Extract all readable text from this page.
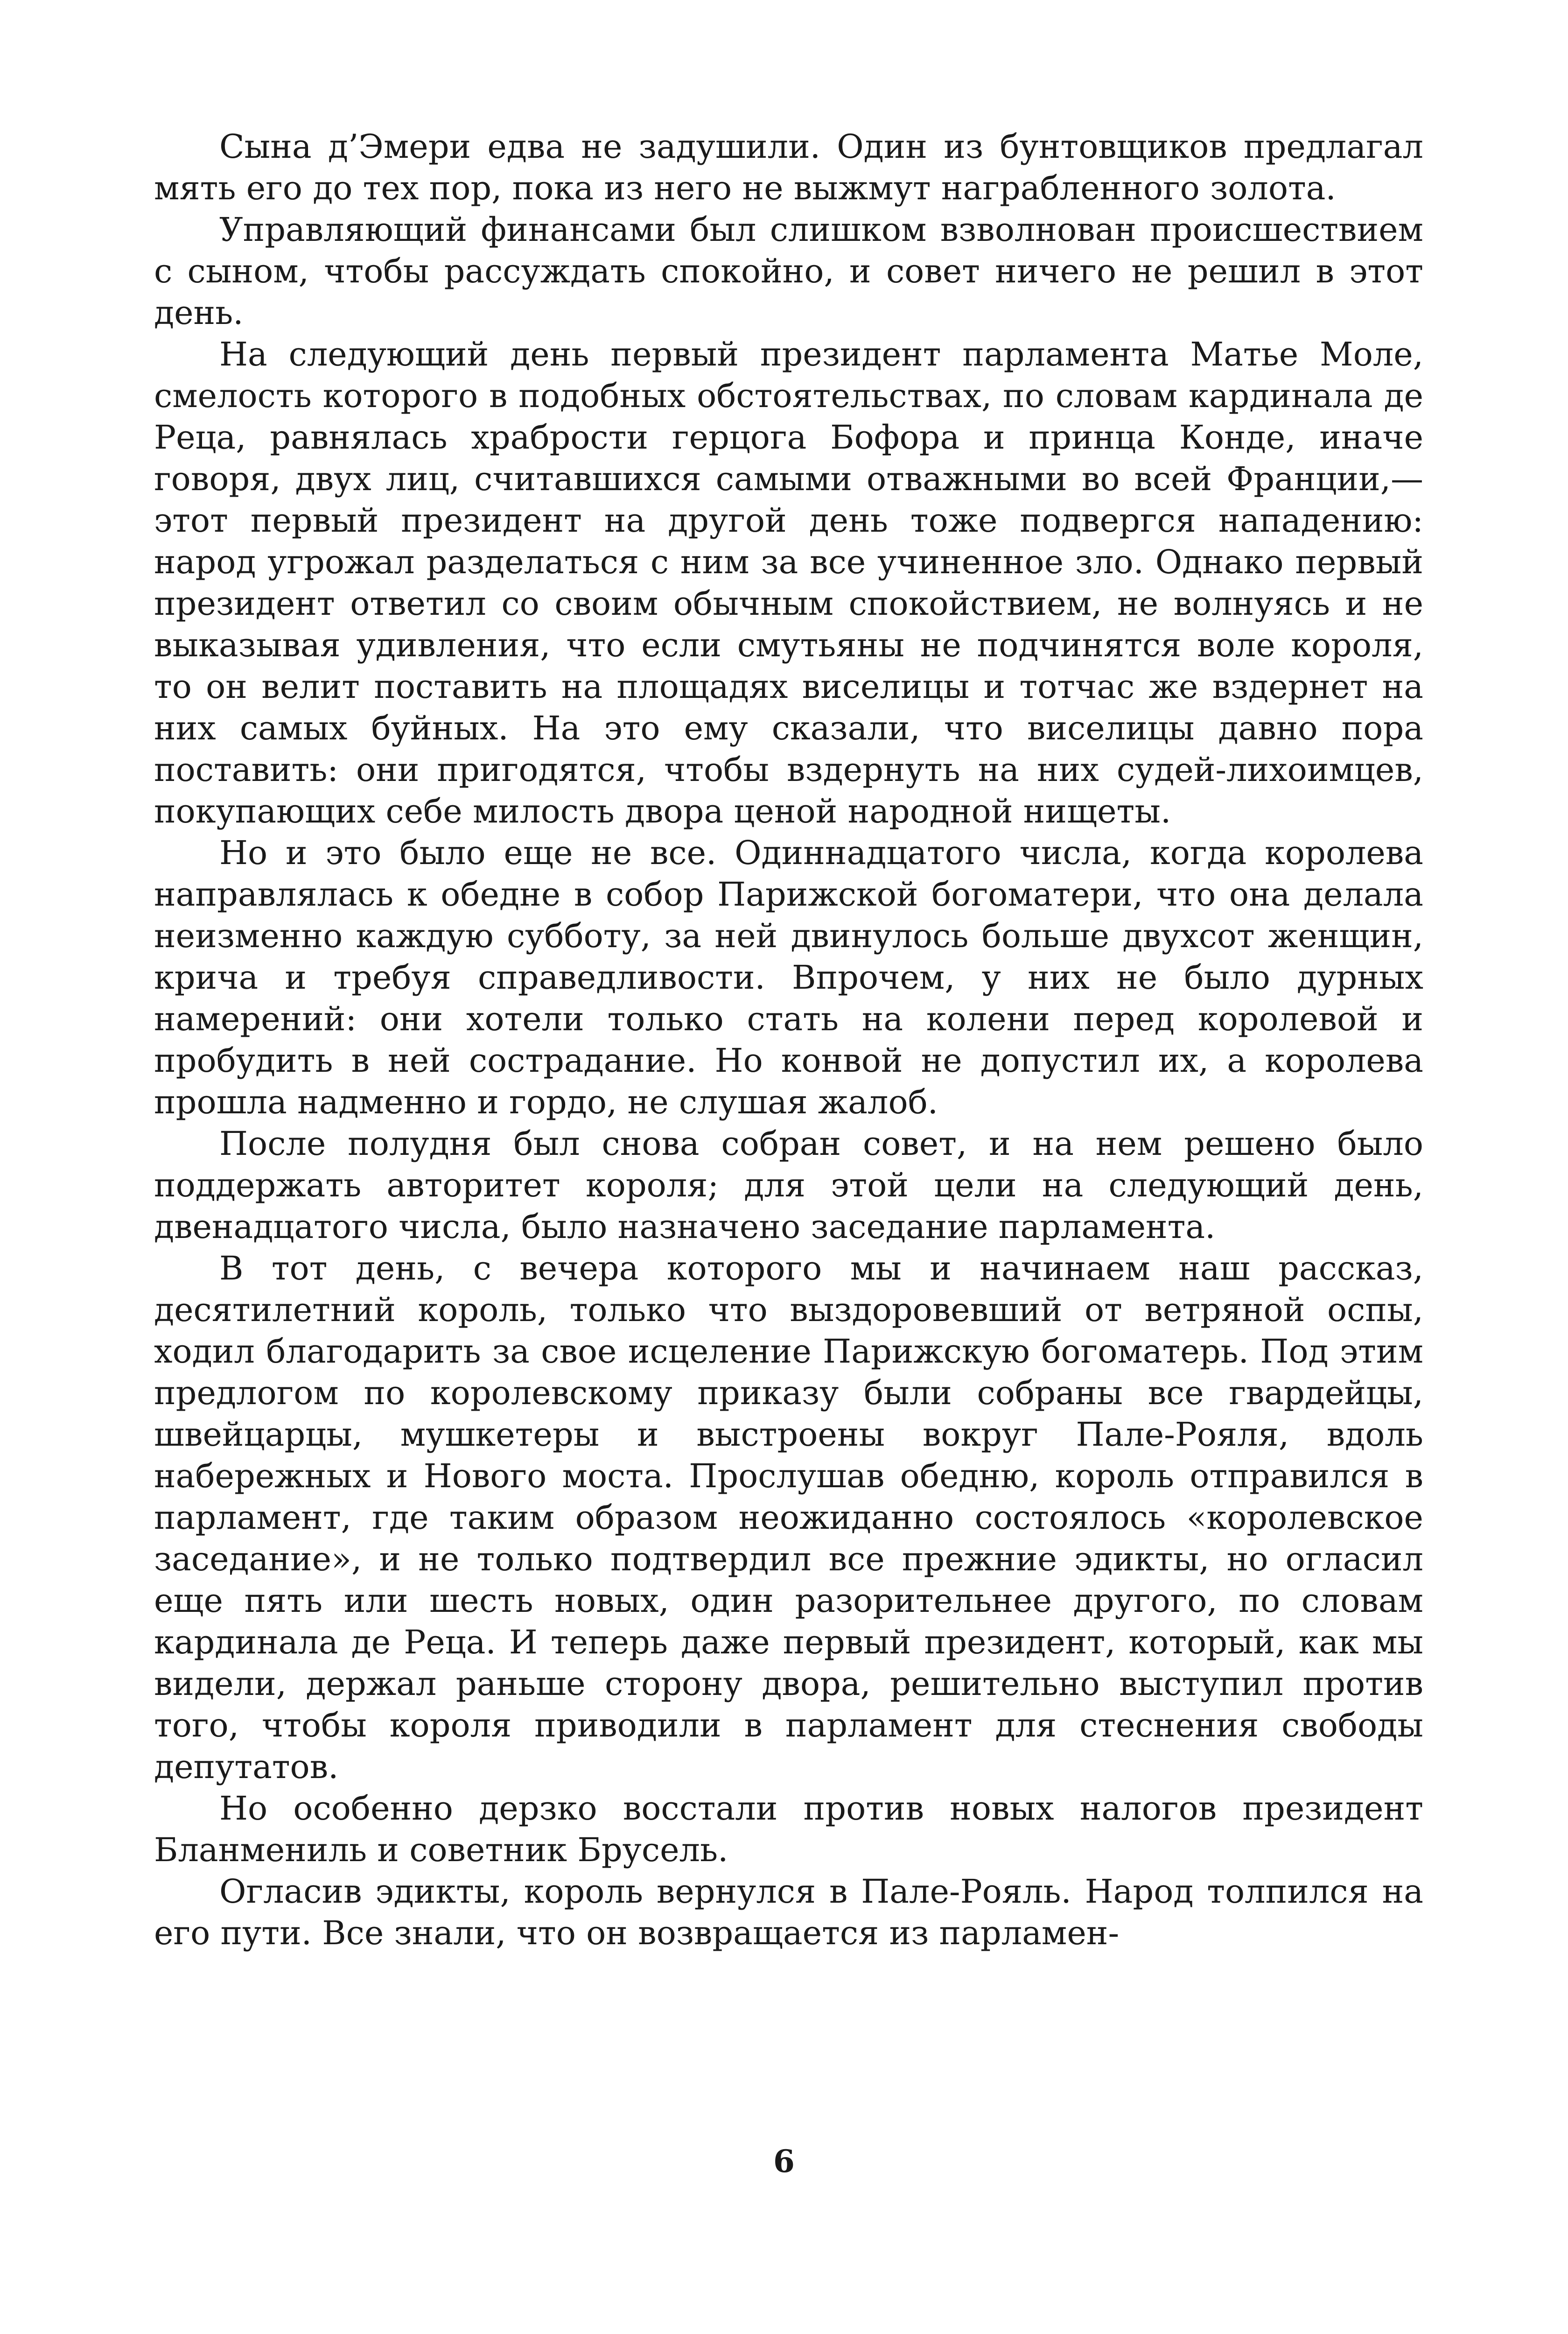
Сына д’Эмери едва не задушили. Один из бунтовщиков предлагал мять его до тех пор, пока из него не выжмут награбленного золота.

Управляющий финансами был слишком взволнован происшествием с сыном, чтобы рассуждать спокойно, и совет ничего не решил в этот день.

На следующий день первый президент парламента Матье Моле, смелость которого в подобных обстоятельствах, по словам кардинала де Реца, равнялась храбрости герцога Бофора и принца Конде, иначе говоря, двух лиц, считавшихся самыми отважными во всей Франции,— этот первый президент на другой день тоже подвергся нападению: народ угрожал разделаться с ним за все учиненное зло. Однако первый президент ответил со своим обычным спокойствием, не волнуясь и не выказывая удивления, что если смутьяны не подчинятся воле короля, то он велит поставить на площадях виселицы и тотчас же вздернет на них самых буйных. На это ему сказали, что виселицы давно пора поставить: они пригодятся, чтобы вздернуть на них судей-лихоимцев, покупающих себе милость двора ценой народной нищеты.

Но и это было еще не все. Одиннадцатого числа, когда королева направлялась к обедне в собор Парижской богоматери, что она делала неизменно каждую субботу, за ней двинулось больше двухсот женщин, крича и требуя справедливости. Впрочем, у них не было дурных намерений: они хотели только стать на колени перед королевой и пробудить в ней сострадание. Но конвой не допустил их, а королева прошла надменно и гордо, не слушая жалоб.

После полудня был снова собран совет, и на нем решено было поддержать авторитет короля; для этой цели на следующий день, двенадцатого числа, было назначено заседание парламента.

В тот день, с вечера которого мы и начинаем наш рассказ, десятилетний король, только что выздоровевший от ветряной оспы, ходил благодарить за свое исцеление Парижскую богоматерь. Под этим предлогом по королевскому приказу были собраны все гвардейцы, швейцарцы, мушкетеры и выстроены вокруг Пале-Рояля, вдоль набережных и Нового моста. Прослушав обедню, король отправился в парламент, где таким образом неожиданно состоялось «королевское заседание», и не только подтвердил все прежние эдикты, но огласил еще пять или шесть новых, один разорительнее другого, по словам кардинала де Реца. И теперь даже первый президент, который, как мы видели, держал раньше сторону двора, решительно выступил против того, чтобы короля приводили в парламент для стеснения свободы депутатов.

Но особенно дерзко восстали против новых налогов президент Бланмениль и советник Брусель.

Огласив эдикты, король вернулся в Пале-Рояль. Народ толпился на его пути. Все знали, что он возвращается из парламен-

6
